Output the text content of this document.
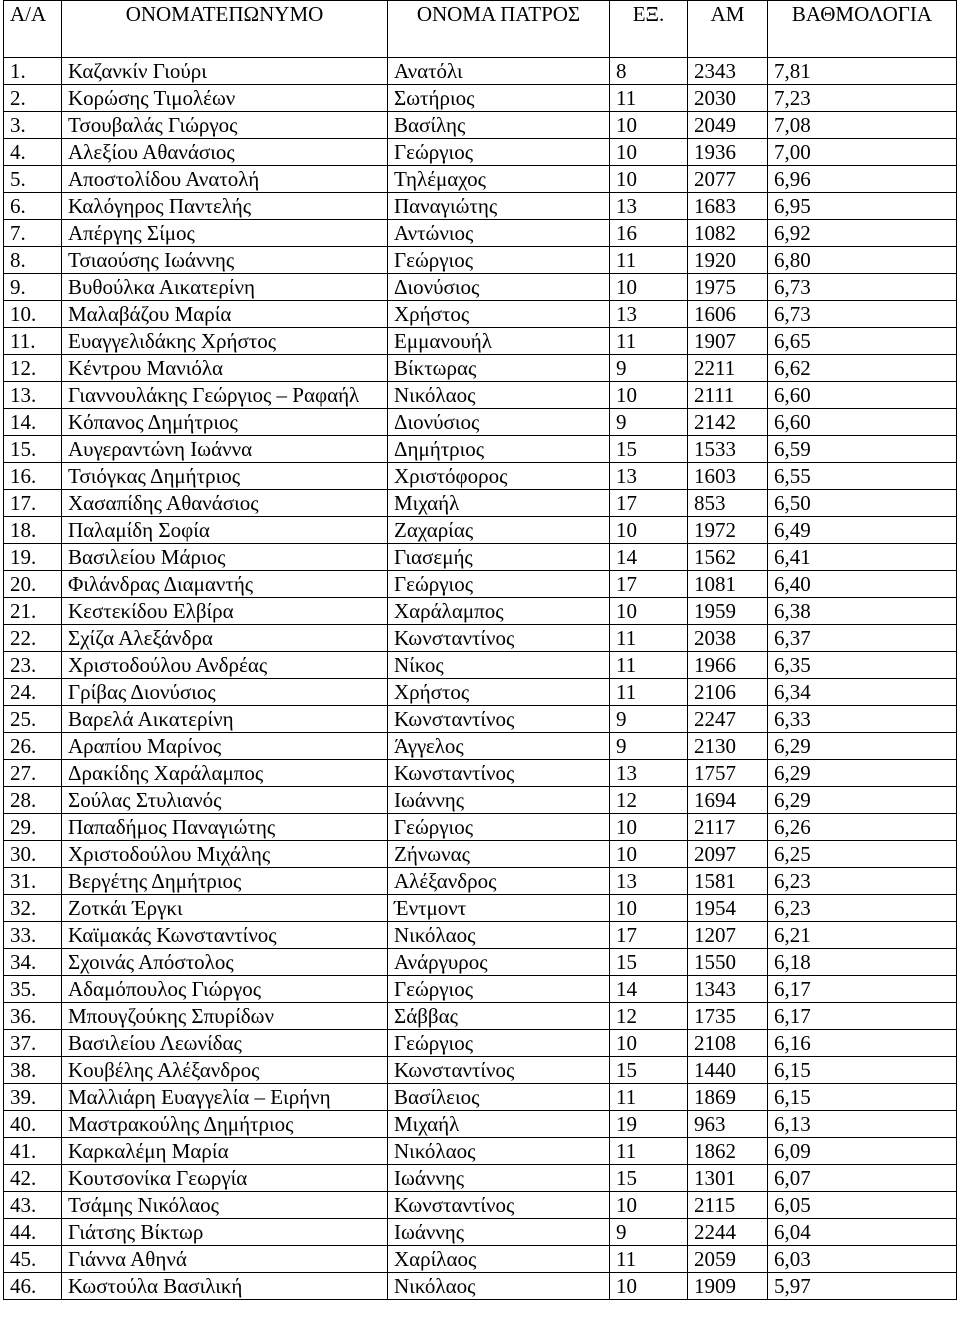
Α/Α	ΟΝΟΜΑΤΕΠΩΝΥΜΟ	ΟΝΟΜΑ ΠΑΤΡΟΣ	ΕΞ.	ΑΜ	ΒΑΘΜΟΛΟΓΙΑ
1.	Καζανκίν Γιούρι	Ανατόλι	8	2343	7,81
2.	Κορώσης Τιμολέων	Σωτήριος	11	2030	7,23
3.	Τσουβαλάς Γιώργος	Βασίλης	10	2049	7,08
4.	Αλεξίου Αθανάσιος	Γεώργιος	10	1936	7,00
5.	Αποστολίδου Ανατολή	Τηλέμαχος	10	2077	6,96
6.	Καλόγηρος Παντελής	Παναγιώτης	13	1683	6,95
7.	Απέργης Σίμος	Αντώνιος	16	1082	6,92
8.	Τσιαούσης Ιωάννης	Γεώργιος	11	1920	6,80
9.	Βυθούλκα Αικατερίνη	Διονύσιος	10	1975	6,73
10.	Μαλαβάζου Μαρία	Χρήστος	13	1606	6,73
11.	Ευαγγελιδάκης Χρήστος	Εμμανουήλ	11	1907	6,65
12.	Κέντρου Μανιόλα	Βίκτωρας	9	2211	6,62
13.	Γιαννουλάκης Γεώργιος – Ραφαήλ	Νικόλαος	10	2111	6,60
14.	Κόπανος Δημήτριος	Διονύσιος	9	2142	6,60
15.	Αυγεραντώνη Ιωάννα	Δημήτριος	15	1533	6,59
16.	Τσιόγκας Δημήτριος	Χριστόφορος	13	1603	6,55
17.	Χασαπίδης Αθανάσιος	Μιχαήλ	17	853	6,50
18.	Παλαμίδη Σοφία	Ζαχαρίας	10	1972	6,49
19.	Βασιλείου Μάριος	Γιασεμής	14	1562	6,41
20.	Φιλάνδρας Διαμαντής	Γεώργιος	17	1081	6,40
21.	Κεστεκίδου Ελβίρα	Χαράλαμπος	10	1959	6,38
22.	Σχίζα Αλεξάνδρα	Κωνσταντίνος	11	2038	6,37
23.	Χριστοδούλου Ανδρέας	Νίκος	11	1966	6,35
24.	Γρίβας Διονύσιος	Χρήστος	11	2106	6,34
25.	Βαρελά Αικατερίνη	Κωνσταντίνος	9	2247	6,33
26.	Αραπίου Μαρίνος	Άγγελος	9	2130	6,29
27.	Δρακίδης Χαράλαμπος	Κωνσταντίνος	13	1757	6,29
28.	Σούλας Στυλιανός	Ιωάννης	12	1694	6,29
29.	Παπαδήμος Παναγιώτης	Γεώργιος	10	2117	6,26
30.	Χριστοδούλου Μιχάλης	Ζήνωνας	10	2097	6,25
31.	Βεργέτης Δημήτριος	Αλέξανδρος	13	1581	6,23
32.	Ζοτκάι Έργκι	Έντμοντ	10	1954	6,23
33.	Καϊμακάς Κωνσταντίνος	Νικόλαος	17	1207	6,21
34.	Σχοινάς Απόστολος	Ανάργυρος	15	1550	6,18
35.	Αδαμόπουλος Γιώργος	Γεώργιος	14	1343	6,17
36.	Μπουγζούκης Σπυρίδων	Σάββας	12	1735	6,17
37.	Βασιλείου Λεωνίδας	Γεώργιος	10	2108	6,16
38.	Κουβέλης Αλέξανδρος	Κωνσταντίνος	15	1440	6,15
39.	Μαλλιάρη Ευαγγελία – Ειρήνη	Βασίλειος	11	1869	6,15
40.	Μαστρακούλης Δημήτριος	Μιχαήλ	19	963	6,13
41.	Καρκαλέμη Μαρία	Νικόλαος	11	1862	6,09
42.	Κουτσονίκα Γεωργία	Ιωάννης	15	1301	6,07
43.	Τσάμης Νικόλαος	Κωνσταντίνος	10	2115	6,05
44.	Γιάτσης Βίκτωρ	Ιωάννης	9	2244	6,04
45.	Γιάννα Αθηνά	Χαρίλαος	11	2059	6,03
46.	Κωστούλα Βασιλική	Νικόλαος	10	1909	5,97
